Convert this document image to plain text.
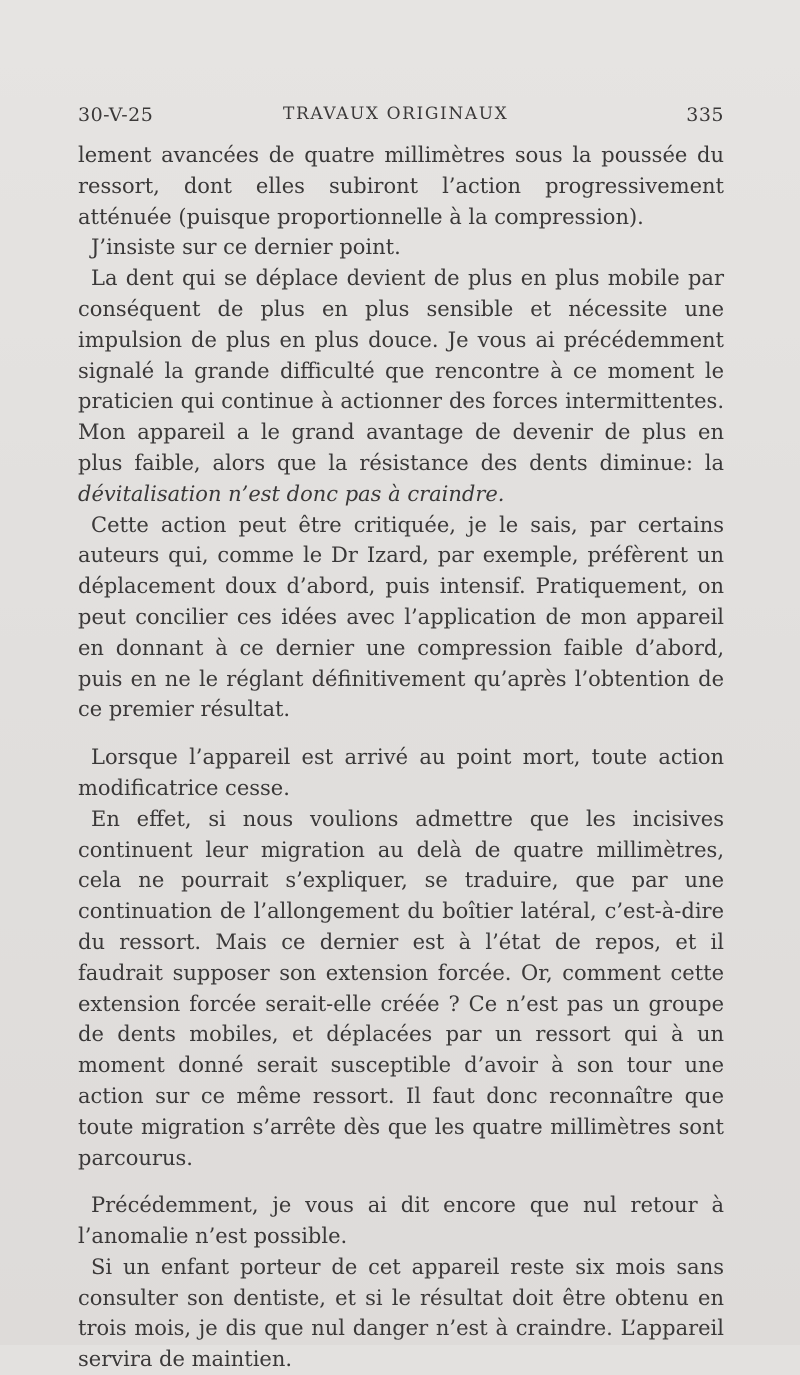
30-V-25	TRAVAUX ORIGINAUX	335

lement avancées de quatre millimètres sous la poussée du ressort, dont elles subiront l’action progressivement atténuée (puisque proportionnelle à la compression).

J’insiste sur ce dernier point.

La dent qui se déplace devient de plus en plus mobile par conséquent de plus en plus sensible et nécessite une impulsion de plus en plus douce. Je vous ai précédemment signalé la grande difficulté que rencontre à ce moment le praticien qui continue à actionner des forces intermittentes. Mon appareil a le grand avantage de devenir de plus en plus faible, alors que la résistance des dents diminue: la dévitalisation n’est donc pas à craindre.

Cette action peut être critiquée, je le sais, par certains auteurs qui, comme le Dr Izard, par exemple, préfèrent un déplacement doux d’abord, puis intensif. Pratiquement, on peut concilier ces idées avec l’application de mon appareil en donnant à ce dernier une compression faible d’abord, puis en ne le réglant définitivement qu’après l’obtention de ce premier résultat.

Lorsque l’appareil est arrivé au point mort, toute action modificatrice cesse.

En effet, si nous voulions admettre que les incisives continuent leur migration au delà de quatre millimètres, cela ne pourrait s’expliquer, se traduire, que par une continuation de l’allongement du boîtier latéral, c’est-à-dire du ressort. Mais ce dernier est à l’état de repos, et il faudrait supposer son extension forcée. Or, comment cette extension forcée serait-elle créée ? Ce n’est pas un groupe de dents mobiles, et déplacées par un ressort qui à un moment donné serait susceptible d’avoir à son tour une action sur ce même ressort. Il faut donc reconnaître que toute migration s’arrête dès que les quatre millimètres sont parcourus.

Précédemment, je vous ai dit encore que nul retour à l’anomalie n’est possible.

Si un enfant porteur de cet appareil reste six mois sans consulter son dentiste, et si le résultat doit être obtenu en trois mois, je dis que nul danger n’est à craindre. L’appareil servira de maintien.
